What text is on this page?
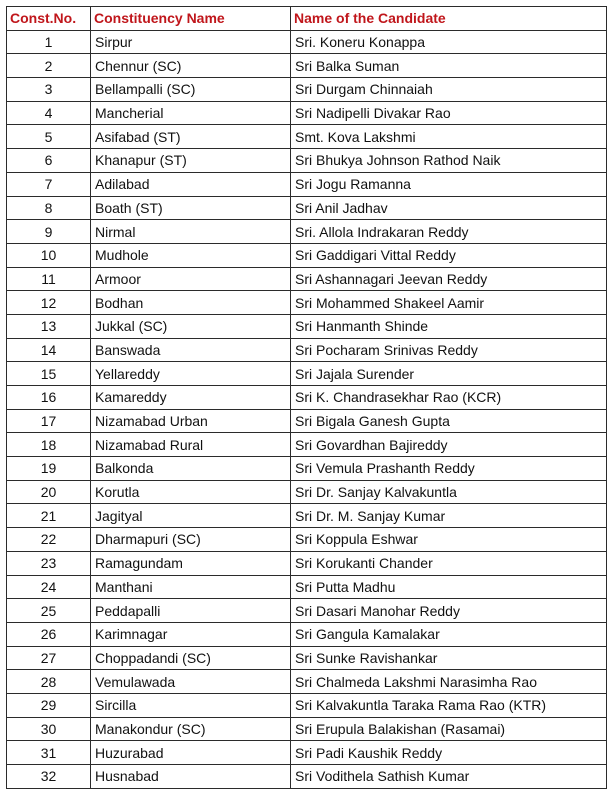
Const.No.	Constituency Name	Name of the Candidate
1	Sirpur	Sri. Koneru Konappa
2	Chennur (SC)	Sri Balka Suman
3	Bellampalli (SC)	Sri Durgam Chinnaiah
4	Mancherial	Sri Nadipelli Divakar Rao
5	Asifabad (ST)	Smt. Kova Lakshmi
6	Khanapur (ST)	Sri Bhukya Johnson Rathod Naik
7	Adilabad	Sri Jogu Ramanna
8	Boath (ST)	Sri Anil Jadhav
9	Nirmal	Sri. Allola Indrakaran Reddy
10	Mudhole	Sri Gaddigari Vittal Reddy
11	Armoor	Sri Ashannagari Jeevan Reddy
12	Bodhan	Sri Mohammed Shakeel Aamir
13	Jukkal (SC)	Sri Hanmanth Shinde
14	Banswada	Sri Pocharam Srinivas Reddy
15	Yellareddy	Sri Jajala Surender
16	Kamareddy	Sri K. Chandrasekhar Rao (KCR)
17	Nizamabad Urban	Sri Bigala Ganesh Gupta
18	Nizamabad Rural	Sri Govardhan Bajireddy
19	Balkonda	Sri Vemula Prashanth Reddy
20	Korutla	Sri Dr. Sanjay Kalvakuntla
21	Jagityal	Sri Dr. M. Sanjay Kumar
22	Dharmapuri (SC)	Sri Koppula Eshwar
23	Ramagundam	Sri Korukanti Chander
24	Manthani	Sri Putta Madhu
25	Peddapalli	Sri Dasari Manohar Reddy
26	Karimnagar	Sri Gangula Kamalakar
27	Choppadandi (SC)	Sri Sunke Ravishankar
28	Vemulawada	Sri Chalmeda Lakshmi Narasimha Rao
29	Sircilla	Sri Kalvakuntla Taraka Rama Rao (KTR)
30	Manakondur (SC)	Sri Erupula Balakishan (Rasamai)
31	Huzurabad	Sri Padi Kaushik Reddy
32	Husnabad	Sri Vodithela Sathish Kumar
